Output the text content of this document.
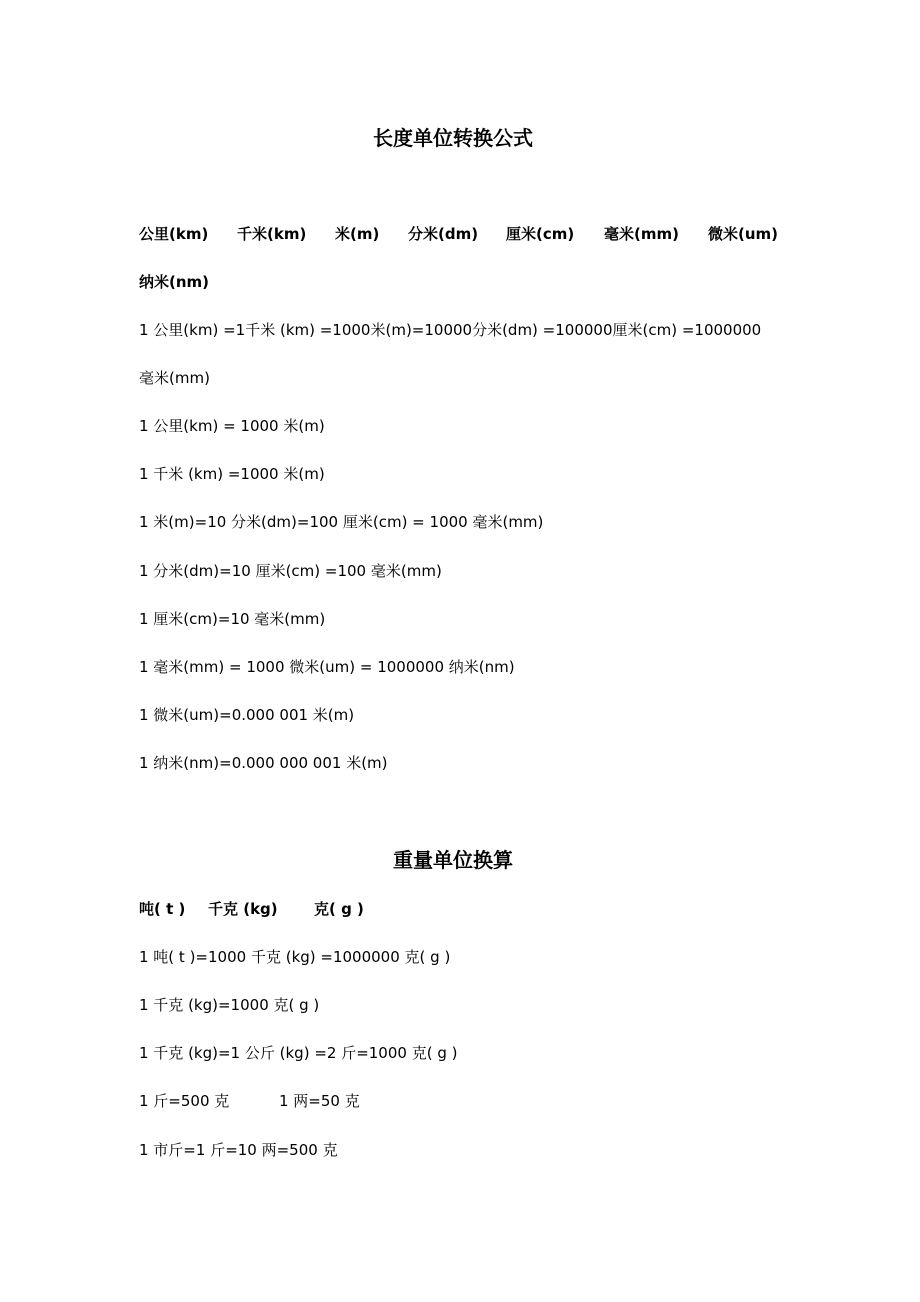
长度单位转换公式
公里(km) 千米(km) 米(m) 分米(dm) 厘米(cm) 毫米(mm) 微米(um)
纳米(nm)
1 公里(km) =1千米 (km) =1000米(m)=10000分米(dm) =100000厘米(cm) =1000000
毫米(mm)
1 公里(km) = 1000 米(m)
1 千米 (km) =1000 米(m)
1 米(m)=10 分米(dm)=100 厘米(cm) = 1000 毫米(mm)
1 分米(dm)=10 厘米(cm) =100 毫米(mm)
1 厘米(cm)=10 毫米(mm)
1 毫米(mm) = 1000 微米(um) = 1000000 纳米(nm)
1 微米(um)=0.000 001 米(m)
1 纳米(nm)=0.000 000 001 米(m)
重量单位换算
吨( t ) 千克 (kg) 克( g )
1 吨( t )=1000 千克 (kg) =1000000 克( g )
1 千克 (kg)=1000 克( g )
1 千克 (kg)=1 公斤 (kg) =2 斤=1000 克( g )
1 斤=500 克	1 两=50 克
1 市斤=1 斤=10 两=500 克
